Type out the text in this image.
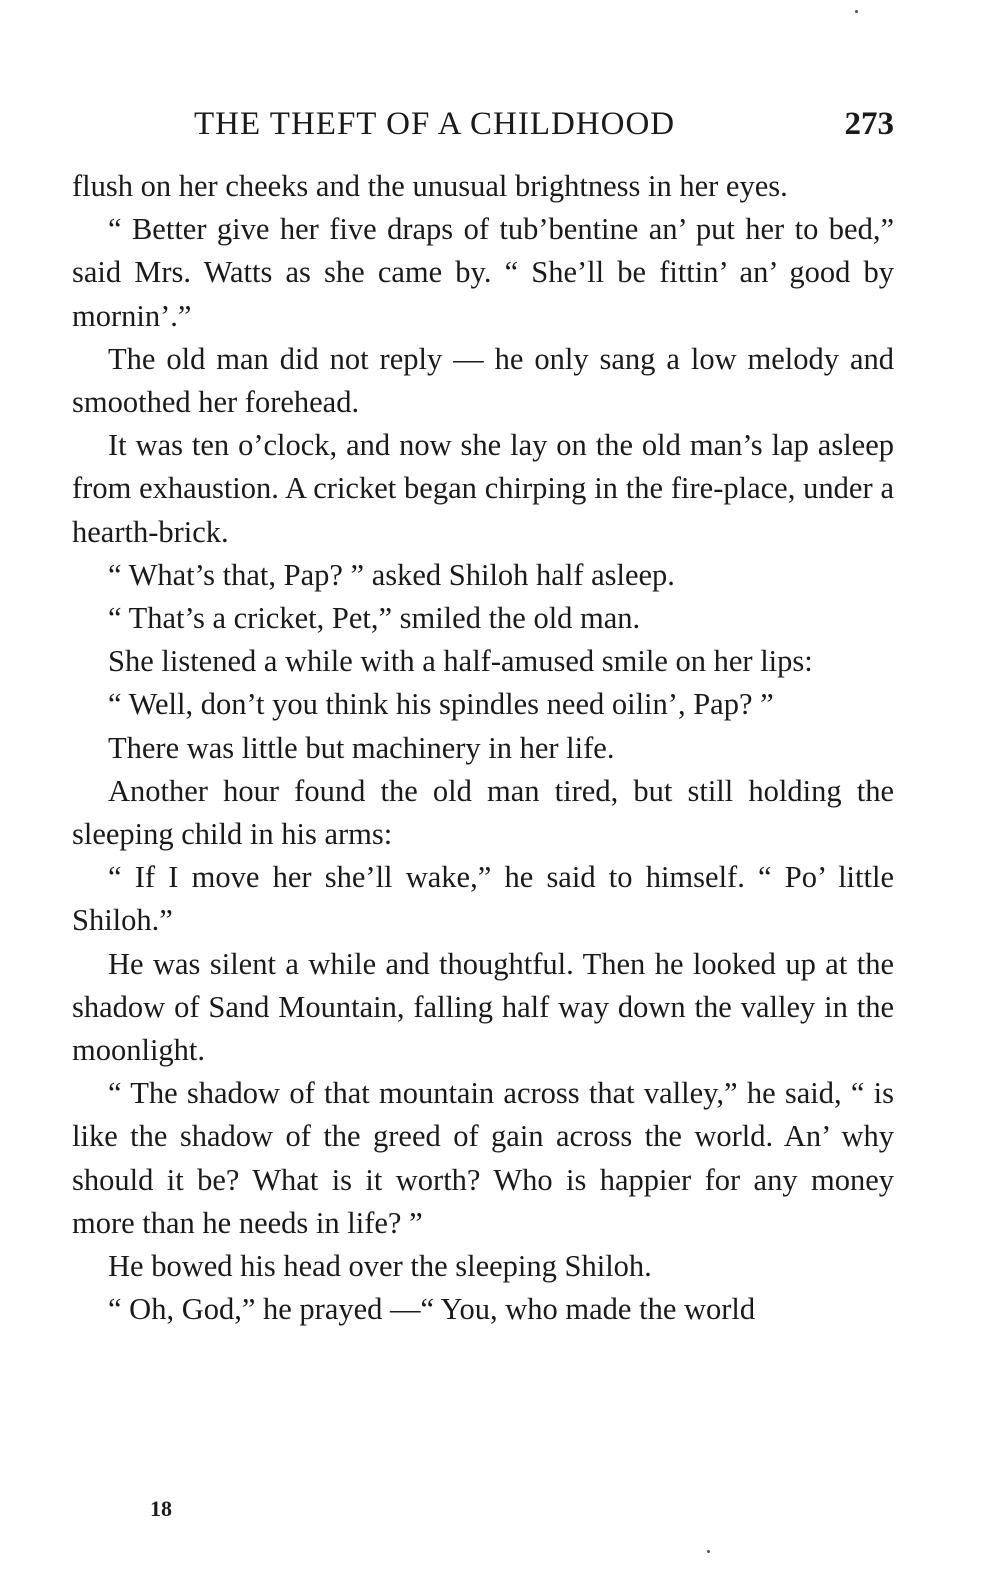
THE THEFT OF A CHILDHOOD	273

flush on her cheeks and the unusual brightness in her eyes.

“ Better give her five draps of tub’bentine an’ put her to bed,” said Mrs. Watts as she came by. “ She’ll be fittin’ an’ good by mornin’.”

The old man did not reply — he only sang a low melody and smoothed her forehead.

It was ten o’clock, and now she lay on the old man’s lap asleep from exhaustion. A cricket began chirping in the fire-place, under a hearth-brick.

“ What’s that, Pap? ” asked Shiloh half asleep.

“ That’s a cricket, Pet,” smiled the old man.

She listened a while with a half-amused smile on her lips:

“ Well, don’t you think his spindles need oilin’, Pap? ”

There was little but machinery in her life.

Another hour found the old man tired, but still holding the sleeping child in his arms:

“ If I move her she’ll wake,” he said to himself. “ Po’ little Shiloh.”

He was silent a while and thoughtful. Then he looked up at the shadow of Sand Mountain, falling half way down the valley in the moonlight.

“ The shadow of that mountain across that valley,” he said, “ is like the shadow of the greed of gain across the world. An’ why should it be? What is it worth? Who is happier for any money more than he needs in life? ”

He bowed his head over the sleeping Shiloh.

“ Oh, God,” he prayed —“ You, who made the world

18
